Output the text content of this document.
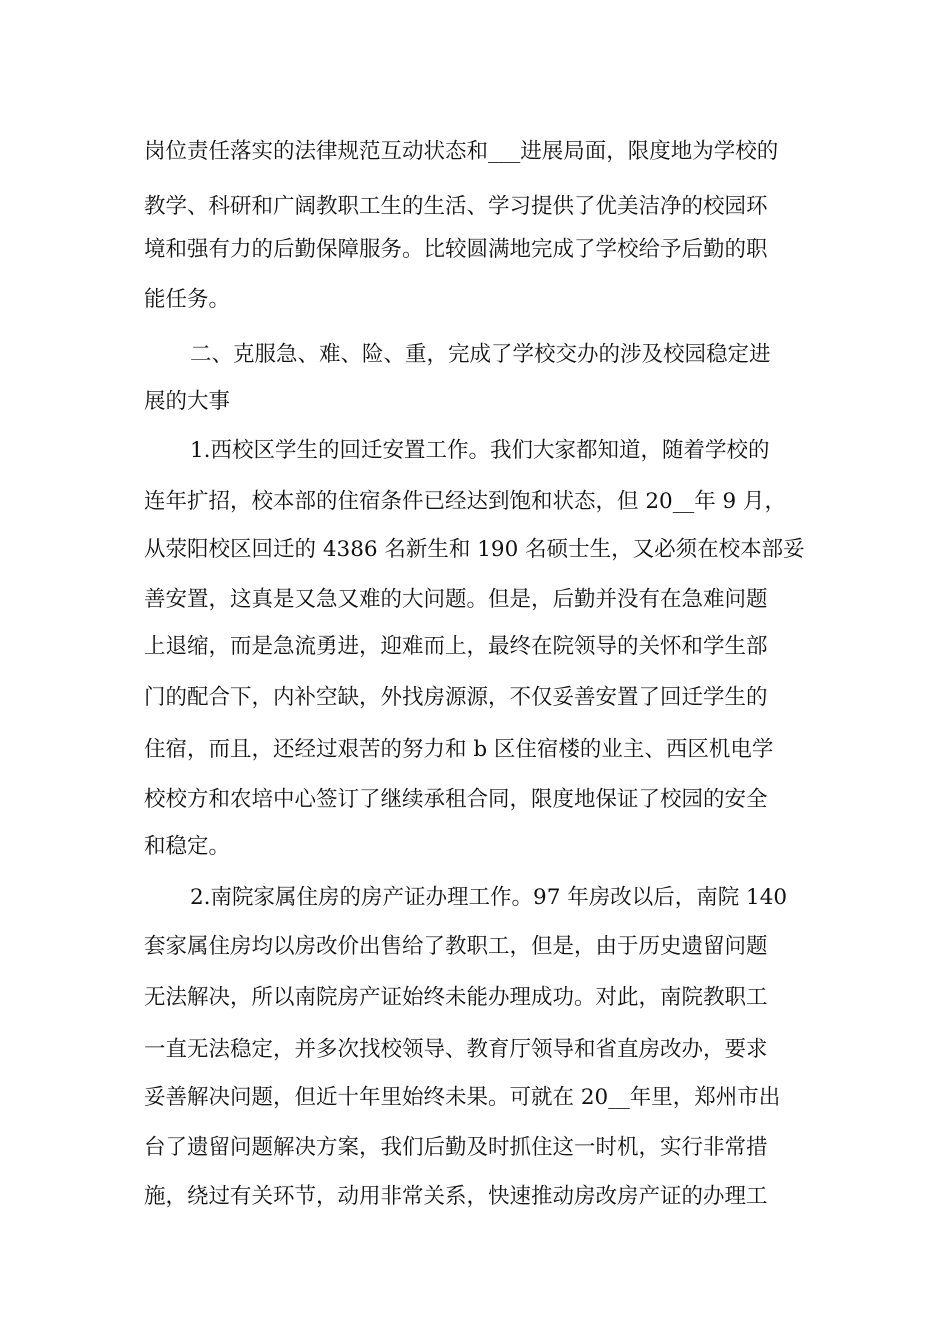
岗位责任落实的法律规范互动状态和___进展局面，限度地为学校的
教学、科研和广阔教职工生的生活、学习提供了优美洁净的校园环
境和强有力的后勤保障服务。比较圆满地完成了学校给予后勤的职
能任务。
二、克服急、难、险、重，完成了学校交办的涉及校园稳定进
展的大事
1.西校区学生的回迁安置工作。我们大家都知道，随着学校的
连年扩招，校本部的住宿条件已经达到饱和状态，但 20__年 9 月，
从荥阳校区回迁的 4386 名新生和 190 名硕士生，又必须在校本部妥
善安置，这真是又急又难的大问题。但是，后勤并没有在急难问题
上退缩，而是急流勇进，迎难而上，最终在院领导的关怀和学生部
门的配合下，内补空缺，外找房源源，不仅妥善安置了回迁学生的
住宿，而且，还经过艰苦的努力和 b 区住宿楼的业主、西区机电学
校校方和农培中心签订了继续承租合同，限度地保证了校园的安全
和稳定。
2.南院家属住房的房产证办理工作。97 年房改以后，南院 140
套家属住房均以房改价出售给了教职工，但是，由于历史遗留问题
无法解决，所以南院房产证始终未能办理成功。对此，南院教职工
一直无法稳定，并多次找校领导、教育厅领导和省直房改办，要求
妥善解决问题，但近十年里始终未果。可就在 20__年里，郑州市出
台了遗留问题解决方案，我们后勤及时抓住这一时机，实行非常措
施，绕过有关环节，动用非常关系，快速推动房改房产证的办理工
